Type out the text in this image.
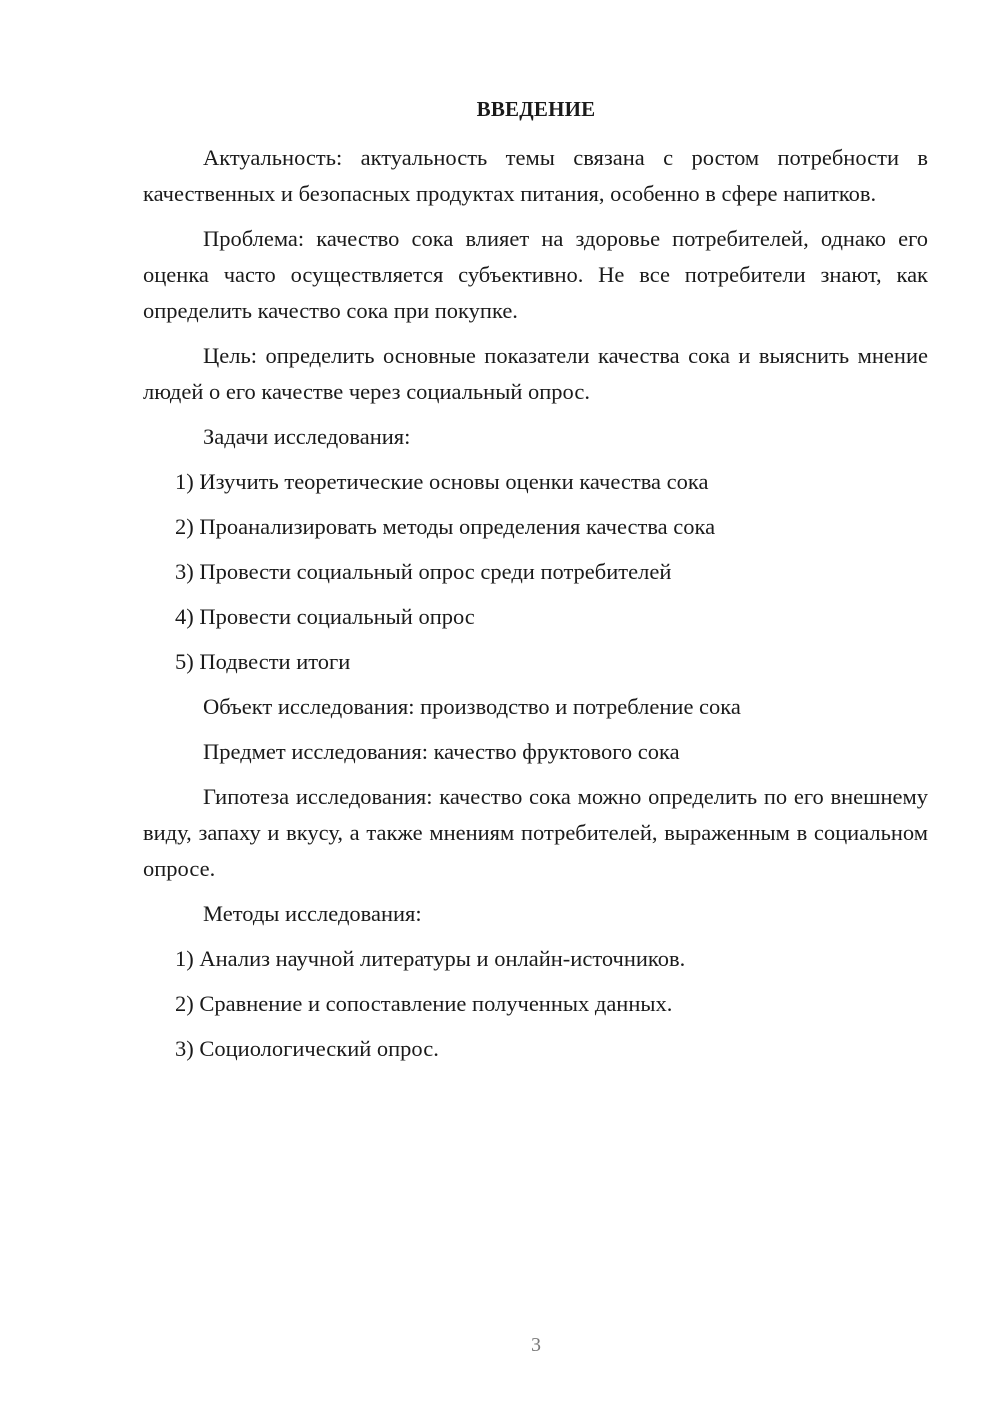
ВВЕДЕНИЕ

Актуальность: актуальность темы связана с ростом потребности в качественных и безопасных продуктах питания, особенно в сфере напитков.

Проблема: качество сока влияет на здоровье потребителей, однако его оценка часто осуществляется субъективно. Не все потребители знают, как определить качество сока при покупке.

Цель: определить основные показатели качества сока и выяснить мнение людей о его качестве через социальный опрос.

Задачи исследования:

1) Изучить теоретические основы оценки качества сока

2) Проанализировать методы определения качества сока

3) Провести социальный опрос среди потребителей

4) Провести социальный опрос

5) Подвести итоги

Объект исследования: производство и потребление сока

Предмет исследования: качество фруктового сока

Гипотеза исследования: качество сока можно определить по его внешнему виду, запаху и вкусу, а также мнениям потребителей, выраженным в социальном опросе.

Методы исследования:

1) Анализ научной литературы и онлайн-источников.

2) Сравнение и сопоставление полученных данных.

3) Социологический опрос.

3
